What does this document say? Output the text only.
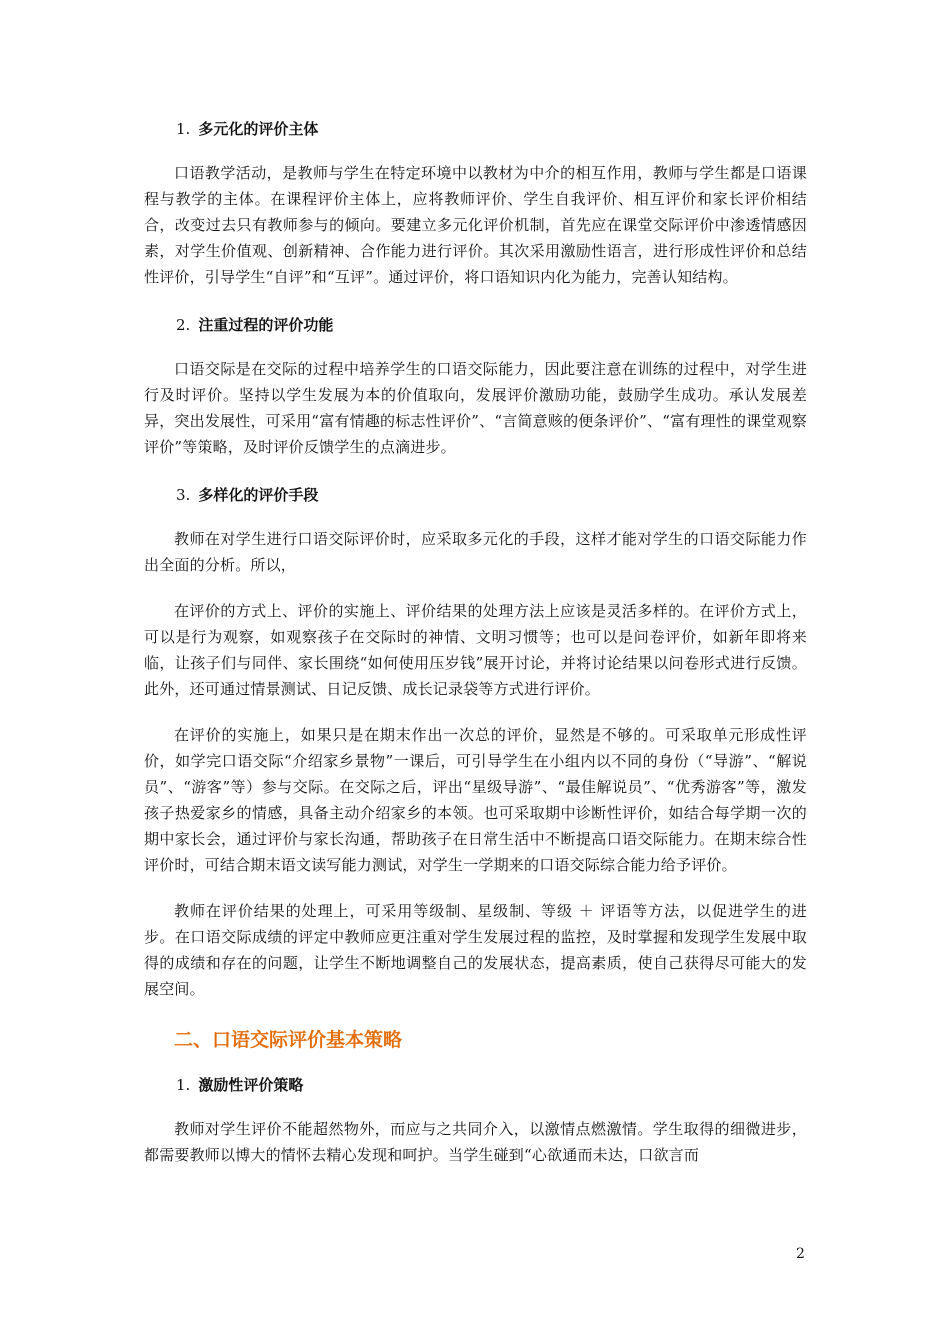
1. 多元化的评价主体

口语教学活动，是教师与学生在特定环境中以教材为中介的相互作用，教师与学生都是口语课程与教学的主体。在课程评价主体上，应将教师评价、学生自我评价、相互评价和家长评价相结合，改变过去只有教师参与的倾向。要建立多元化评价机制，首先应在课堂交际评价中渗透情感因素，对学生价值观、创新精神、合作能力进行评价。其次采用激励性语言，进行形成性评价和总结性评价，引导学生“自评”和“互评”。通过评价，将口语知识内化为能力，完善认知结构。

2. 注重过程的评价功能

口语交际是在交际的过程中培养学生的口语交际能力，因此要注意在训练的过程中，对学生进行及时评价。坚持以学生发展为本的价值取向，发展评价激励功能，鼓励学生成功。承认发展差异，突出发展性，可采用“富有情趣的标志性评价”、“言简意赅的便条评价”、“富有理性的课堂观察评价”等策略，及时评价反馈学生的点滴进步。

3. 多样化的评价手段

教师在对学生进行口语交际评价时，应采取多元化的手段，这样才能对学生的口语交际能力作出全面的分析。所以，

在评价的方式上、评价的实施上、评价结果的处理方法上应该是灵活多样的。在评价方式上，可以是行为观察，如观察孩子在交际时的神情、文明习惯等；也可以是问卷评价，如新年即将来临，让孩子们与同伴、家长围绕“如何使用压岁钱”展开讨论，并将讨论结果以问卷形式进行反馈。此外，还可通过情景测试、日记反馈、成长记录袋等方式进行评价。

在评价的实施上，如果只是在期末作出一次总的评价，显然是不够的。可采取单元形成性评价，如学完口语交际“介绍家乡景物”一课后，可引导学生在小组内以不同的身份（“导游”、“解说员”、“游客”等）参与交际。在交际之后，评出“星级导游”、“最佳解说员”、“优秀游客”等，激发孩子热爱家乡的情感，具备主动介绍家乡的本领。也可采取期中诊断性评价，如结合每学期一次的期中家长会，通过评价与家长沟通，帮助孩子在日常生活中不断提高口语交际能力。在期末综合性评价时，可结合期末语文读写能力测试，对学生一学期来的口语交际综合能力给予评价。

教师在评价结果的处理上，可采用等级制、星级制、等级 ＋ 评语等方法，以促进学生的进步。在口语交际成绩的评定中教师应更注重对学生发展过程的监控，及时掌握和发现学生发展中取得的成绩和存在的问题，让学生不断地调整自己的发展状态，提高素质，使自己获得尽可能大的发展空间。

二、口语交际评价基本策略
1. 激励性评价策略

教师对学生评价不能超然物外，而应与之共同介入，以激情点燃激情。学生取得的细微进步，都需要教师以博大的情怀去精心发现和呵护。当学生碰到“心欲通而未达，口欲言而

2
